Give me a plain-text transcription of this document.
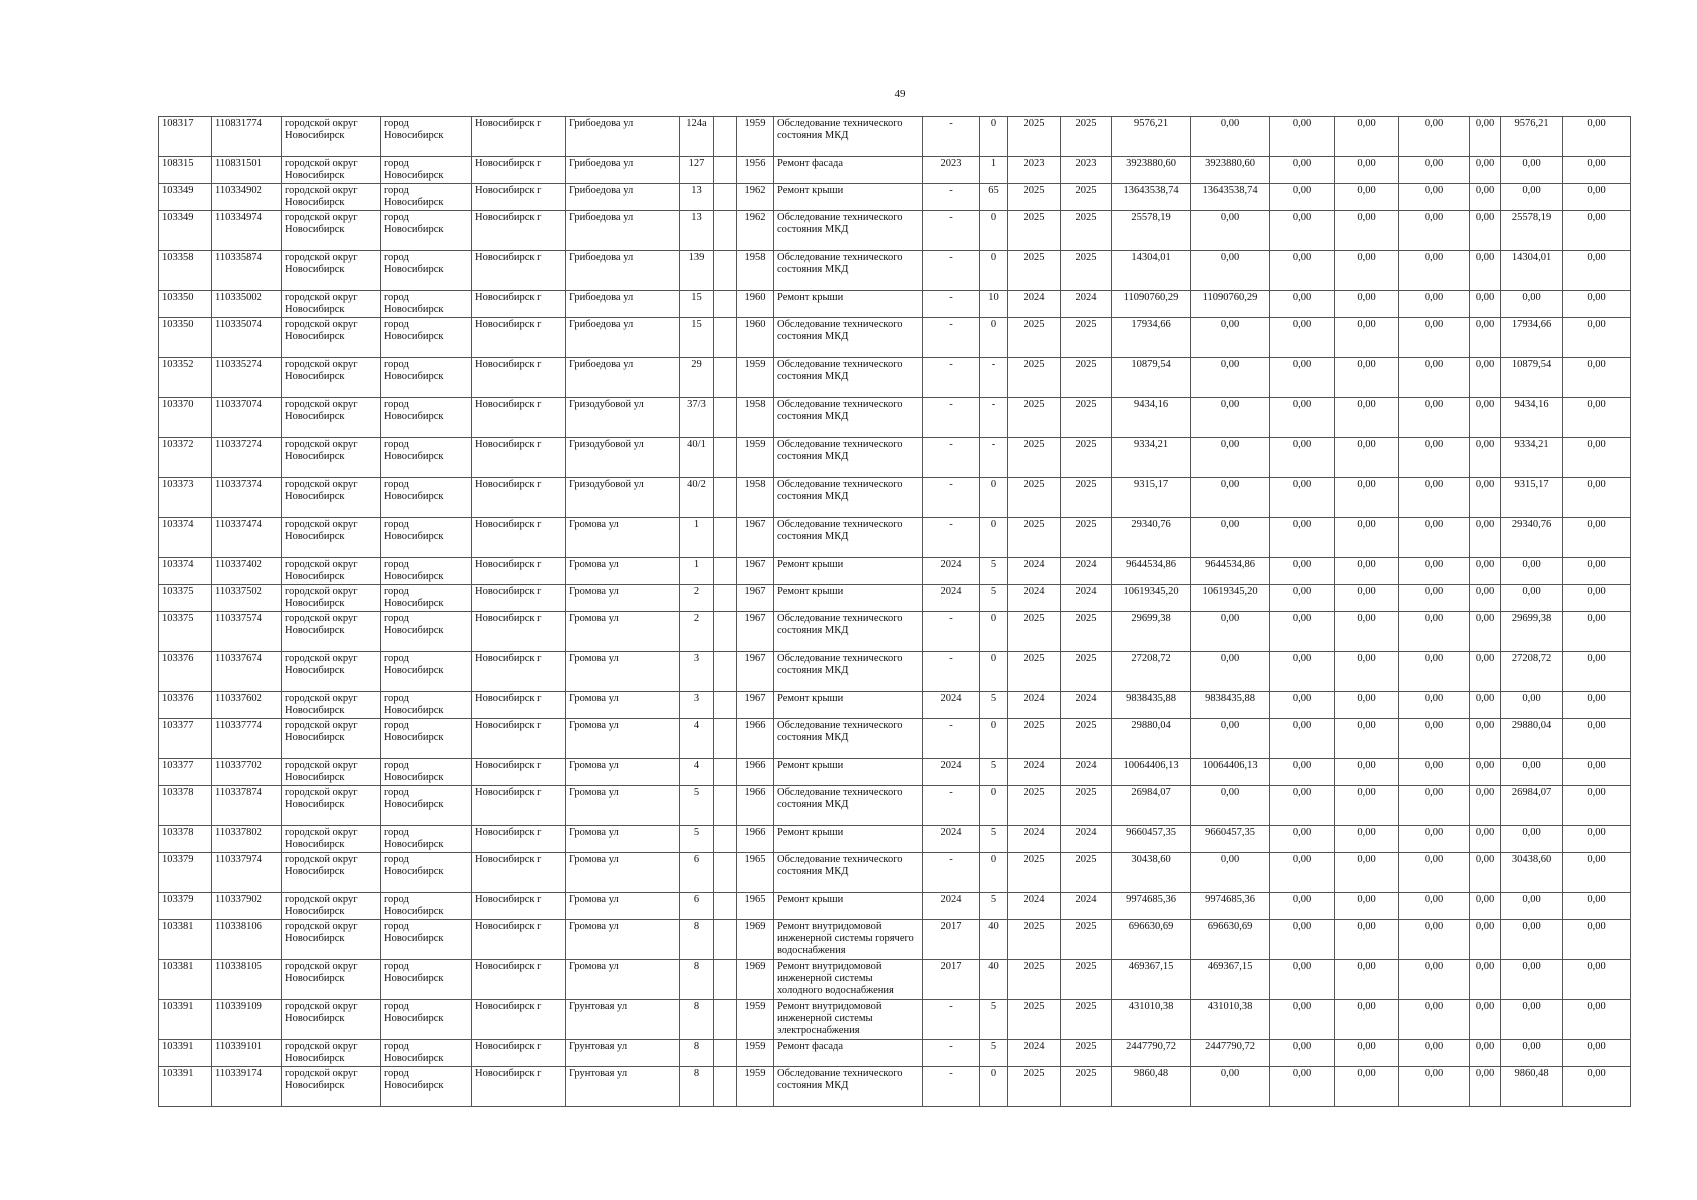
49
108317	110831774	городской округ Новосибирск	город Новосибирск	Новосибирск г	Грибоедова ул	124а		1959	Обследование технического состояния МКД	-	0	2025	2025	9576,21	0,00	0,00	0,00	0,00	0,00	9576,21	0,00
108315	110831501	городской округ Новосибирск	город Новосибирск	Новосибирск г	Грибоедова ул	127		1956	Ремонт фасада	2023	1	2023	2023	3923880,60	3923880,60	0,00	0,00	0,00	0,00	0,00	0,00
103349	110334902	городской округ Новосибирск	город Новосибирск	Новосибирск г	Грибоедова ул	13		1962	Ремонт крыши	-	65	2025	2025	13643538,74	13643538,74	0,00	0,00	0,00	0,00	0,00	0,00
103349	110334974	городской округ Новосибирск	город Новосибирск	Новосибирск г	Грибоедова ул	13		1962	Обследование технического состояния МКД	-	0	2025	2025	25578,19	0,00	0,00	0,00	0,00	0,00	25578,19	0,00
103358	110335874	городской округ Новосибирск	город Новосибирск	Новосибирск г	Грибоедова ул	139		1958	Обследование технического состояния МКД	-	0	2025	2025	14304,01	0,00	0,00	0,00	0,00	0,00	14304,01	0,00
103350	110335002	городской округ Новосибирск	город Новосибирск	Новосибирск г	Грибоедова ул	15		1960	Ремонт крыши	-	10	2024	2024	11090760,29	11090760,29	0,00	0,00	0,00	0,00	0,00	0,00
103350	110335074	городской округ Новосибирск	город Новосибирск	Новосибирск г	Грибоедова ул	15		1960	Обследование технического состояния МКД	-	0	2025	2025	17934,66	0,00	0,00	0,00	0,00	0,00	17934,66	0,00
103352	110335274	городской округ Новосибирск	город Новосибирск	Новосибирск г	Грибоедова ул	29		1959	Обследование технического состояния МКД	-	-	2025	2025	10879,54	0,00	0,00	0,00	0,00	0,00	10879,54	0,00
103370	110337074	городской округ Новосибирск	город Новосибирск	Новосибирск г	Гризодубовой ул	37/3		1958	Обследование технического состояния МКД	-	-	2025	2025	9434,16	0,00	0,00	0,00	0,00	0,00	9434,16	0,00
103372	110337274	городской округ Новосибирск	город Новосибирск	Новосибирск г	Гризодубовой ул	40/1		1959	Обследование технического состояния МКД	-	-	2025	2025	9334,21	0,00	0,00	0,00	0,00	0,00	9334,21	0,00
103373	110337374	городской округ Новосибирск	город Новосибирск	Новосибирск г	Гризодубовой ул	40/2		1958	Обследование технического состояния МКД	-	0	2025	2025	9315,17	0,00	0,00	0,00	0,00	0,00	9315,17	0,00
103374	110337474	городской округ Новосибирск	город Новосибирск	Новосибирск г	Громова ул	1		1967	Обследование технического состояния МКД	-	0	2025	2025	29340,76	0,00	0,00	0,00	0,00	0,00	29340,76	0,00
103374	110337402	городской округ Новосибирск	город Новосибирск	Новосибирск г	Громова ул	1		1967	Ремонт крыши	2024	5	2024	2024	9644534,86	9644534,86	0,00	0,00	0,00	0,00	0,00	0,00
103375	110337502	городской округ Новосибирск	город Новосибирск	Новосибирск г	Громова ул	2		1967	Ремонт крыши	2024	5	2024	2024	10619345,20	10619345,20	0,00	0,00	0,00	0,00	0,00	0,00
103375	110337574	городской округ Новосибирск	город Новосибирск	Новосибирск г	Громова ул	2		1967	Обследование технического состояния МКД	-	0	2025	2025	29699,38	0,00	0,00	0,00	0,00	0,00	29699,38	0,00
103376	110337674	городской округ Новосибирск	город Новосибирск	Новосибирск г	Громова ул	3		1967	Обследование технического состояния МКД	-	0	2025	2025	27208,72	0,00	0,00	0,00	0,00	0,00	27208,72	0,00
103376	110337602	городской округ Новосибирск	город Новосибирск	Новосибирск г	Громова ул	3		1967	Ремонт крыши	2024	5	2024	2024	9838435,88	9838435,88	0,00	0,00	0,00	0,00	0,00	0,00
103377	110337774	городской округ Новосибирск	город Новосибирск	Новосибирск г	Громова ул	4		1966	Обследование технического состояния МКД	-	0	2025	2025	29880,04	0,00	0,00	0,00	0,00	0,00	29880,04	0,00
103377	110337702	городской округ Новосибирск	город Новосибирск	Новосибирск г	Громова ул	4		1966	Ремонт крыши	2024	5	2024	2024	10064406,13	10064406,13	0,00	0,00	0,00	0,00	0,00	0,00
103378	110337874	городской округ Новосибирск	город Новосибирск	Новосибирск г	Громова ул	5		1966	Обследование технического состояния МКД	-	0	2025	2025	26984,07	0,00	0,00	0,00	0,00	0,00	26984,07	0,00
103378	110337802	городской округ Новосибирск	город Новосибирск	Новосибирск г	Громова ул	5		1966	Ремонт крыши	2024	5	2024	2024	9660457,35	9660457,35	0,00	0,00	0,00	0,00	0,00	0,00
103379	110337974	городской округ Новосибирск	город Новосибирск	Новосибирск г	Громова ул	6		1965	Обследование технического состояния МКД	-	0	2025	2025	30438,60	0,00	0,00	0,00	0,00	0,00	30438,60	0,00
103379	110337902	городской округ Новосибирск	город Новосибирск	Новосибирск г	Громова ул	6		1965	Ремонт крыши	2024	5	2024	2024	9974685,36	9974685,36	0,00	0,00	0,00	0,00	0,00	0,00
103381	110338106	городской округ Новосибирск	город Новосибирск	Новосибирск г	Громова ул	8		1969	Ремонт внутридомовой инженерной системы горячего водоснабжения	2017	40	2025	2025	696630,69	696630,69	0,00	0,00	0,00	0,00	0,00	0,00
103381	110338105	городской округ Новосибирск	город Новосибирск	Новосибирск г	Громова ул	8		1969	Ремонт внутридомовой инженерной системы холодного водоснабжения	2017	40	2025	2025	469367,15	469367,15	0,00	0,00	0,00	0,00	0,00	0,00
103391	110339109	городской округ Новосибирск	город Новосибирск	Новосибирск г	Грунтовая ул	8		1959	Ремонт внутридомовой инженерной системы электроснабжения	-	5	2025	2025	431010,38	431010,38	0,00	0,00	0,00	0,00	0,00	0,00
103391	110339101	городской округ Новосибирск	город Новосибирск	Новосибирск г	Грунтовая ул	8		1959	Ремонт фасада	-	5	2024	2025	2447790,72	2447790,72	0,00	0,00	0,00	0,00	0,00	0,00
103391	110339174	городской округ Новосибирск	город Новосибирск	Новосибирск г	Грунтовая ул	8		1959	Обследование технического состояния МКД	-	0	2025	2025	9860,48	0,00	0,00	0,00	0,00	0,00	9860,48	0,00
